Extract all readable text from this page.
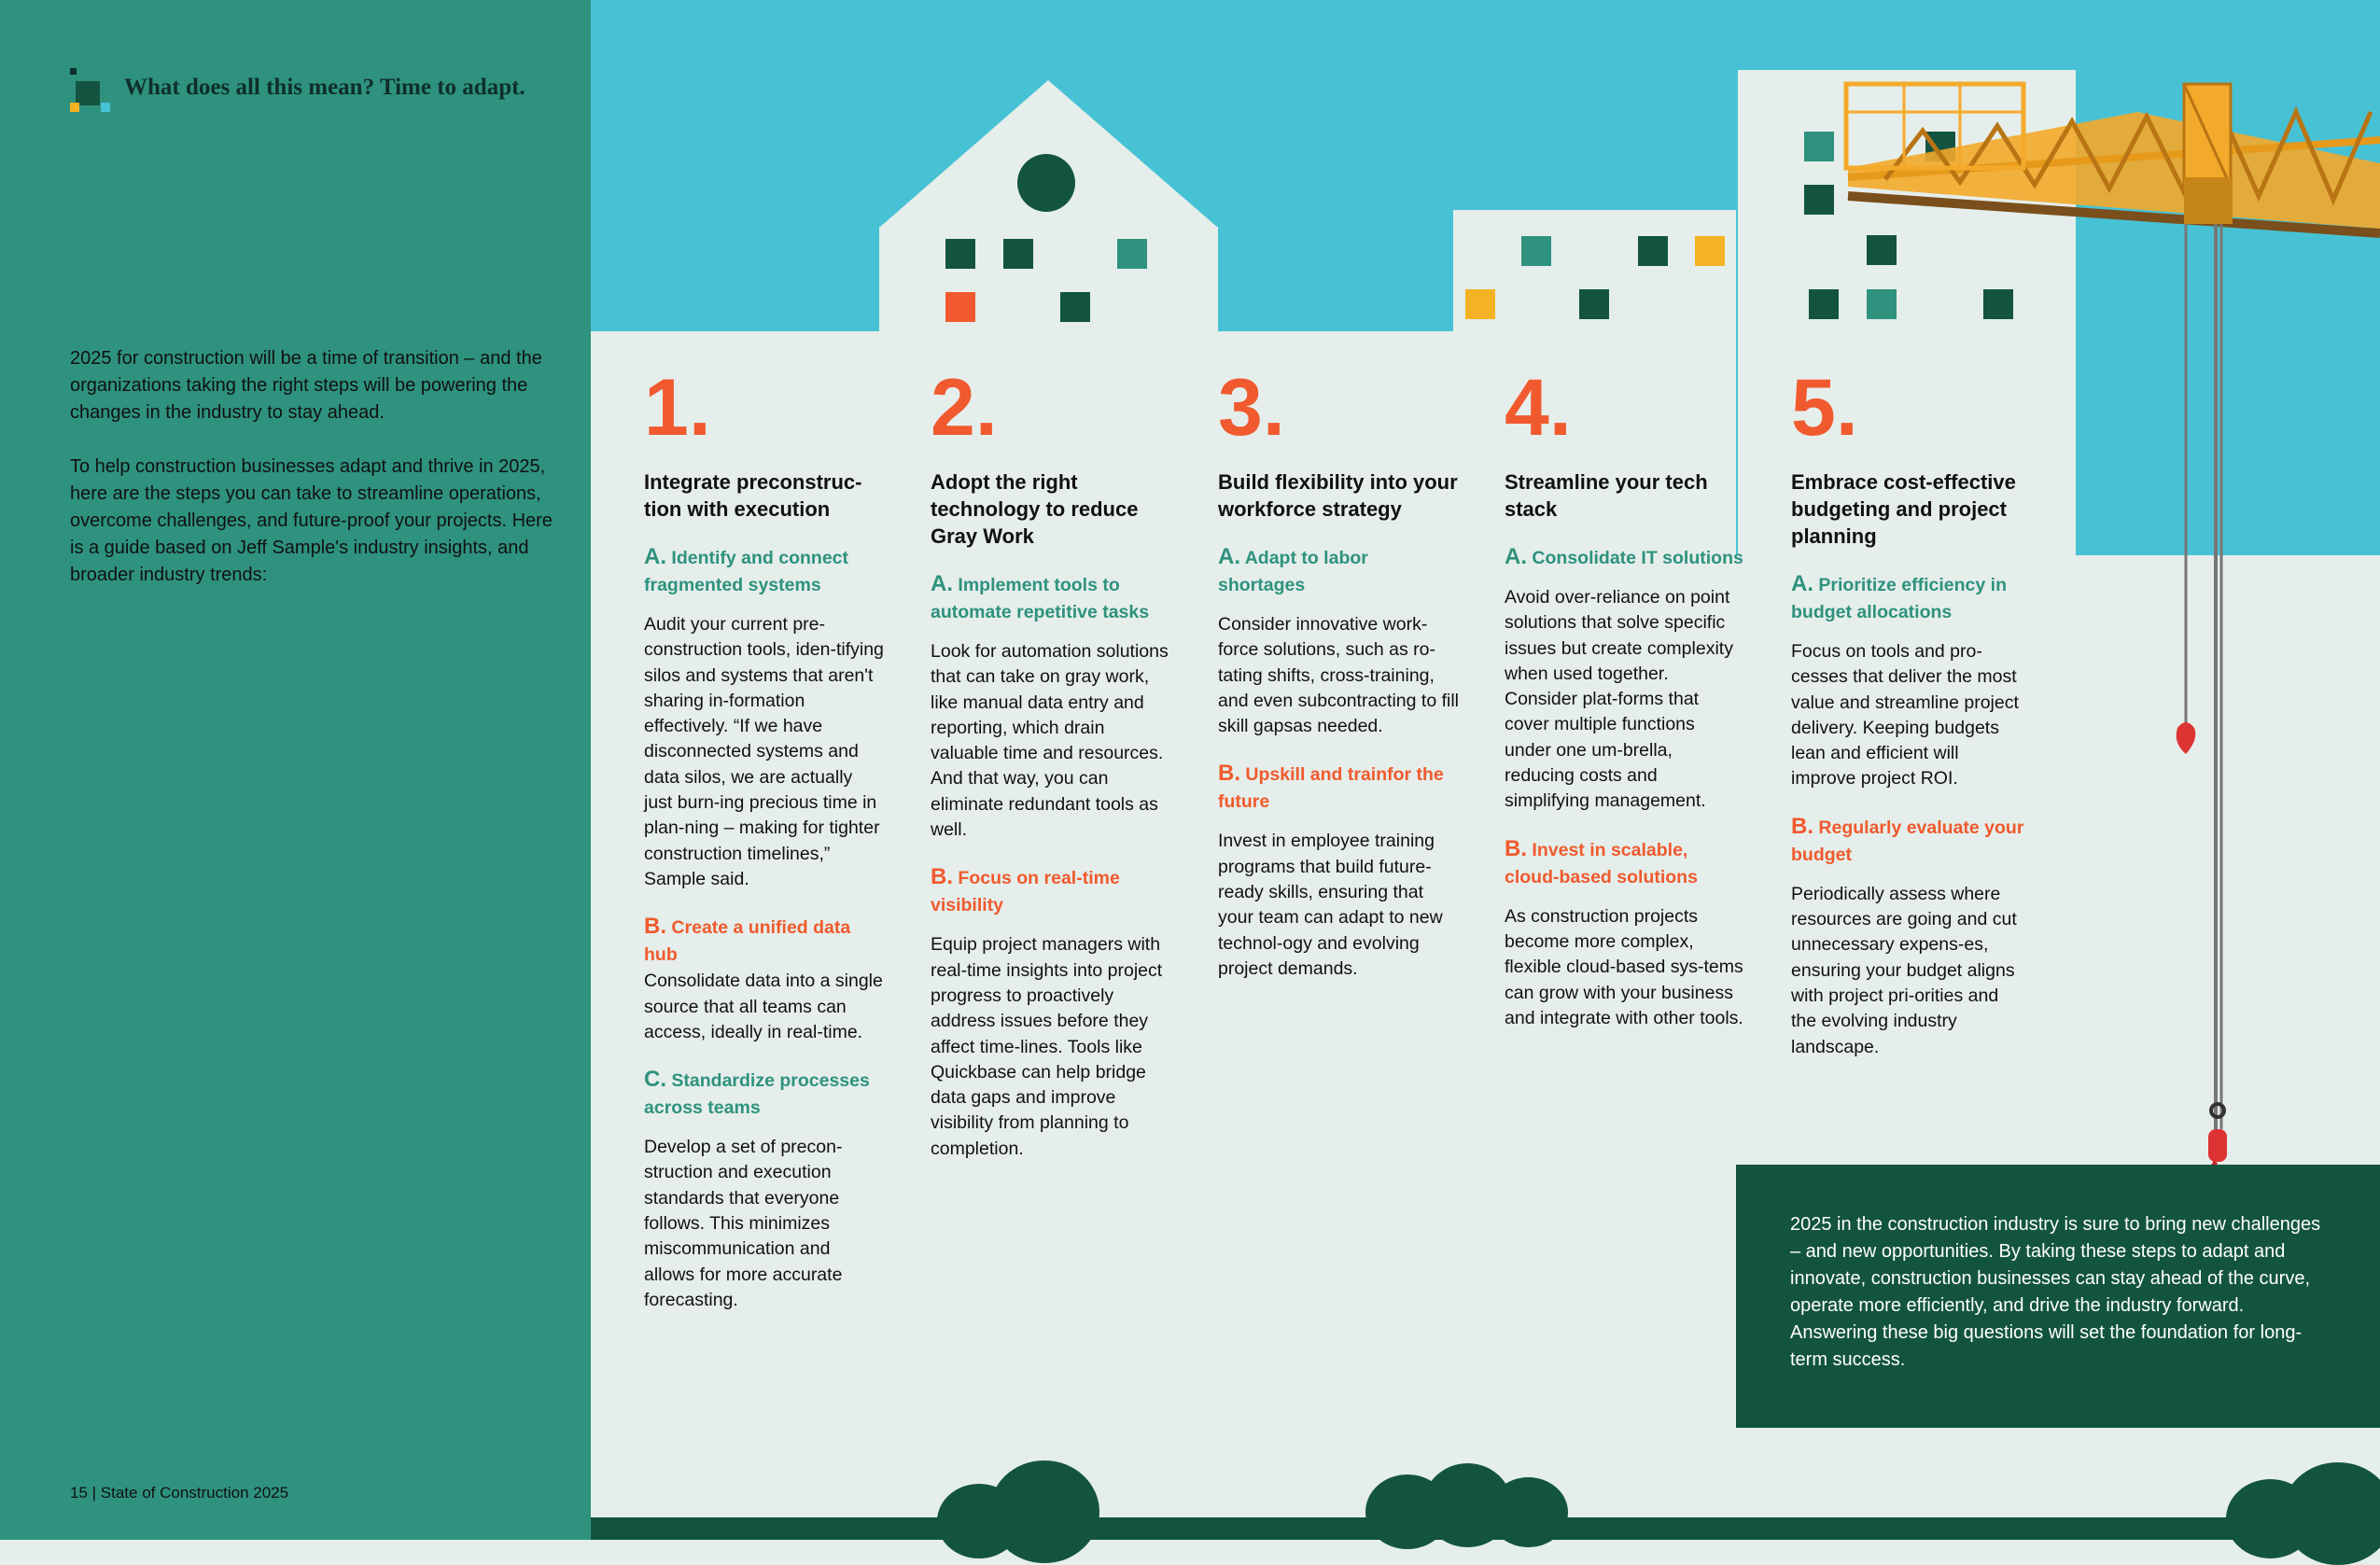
What does all this mean? Time to adapt.

2025 for construction will be a time of transition – and the organizations taking the right steps will be powering the changes in the industry to stay ahead.

To help construction businesses adapt and thrive in 2025, here are the steps you can take to streamline operations, overcome challenges, and future-proof your projects. Here is a guide based on Jeff Sample's industry insights, and broader industry trends:

1.

Integrate preconstruc-tion with execution

A. Identify and connect fragmented systems

Audit your current pre-construction tools, iden-tifying silos and systems that aren't sharing in-formation effectively. “If we have disconnected systems and data silos, we are actually just burn-ing precious time in plan-ning – making for tighter construction timelines,” Sample said.

B. Create a unified data hub

Consolidate data into a single source that all teams can access, ideally in real-time.

C. Standardize processes across teams

Develop a set of precon-struction and execution standards that everyone follows. This minimizes miscommunication and allows for more accurate forecasting.

2.

Adopt the right technology to reduce Gray Work

A. Implement tools to automate repetitive tasks

Look for automation solutions that can take on gray work, like manual data entry and reporting, which drain valuable time and resources. And that way, you can eliminate redundant tools as well.

B. Focus on real-time visibility

Equip project managers with real-time insights into project progress to proactively address issues before they affect time-lines. Tools like Quickbase can help bridge data gaps and improve visibility from planning to completion.

3.

Build flexibility into your workforce strategy

A. Adapt to labor shortages

Consider innovative work-force solutions, such as ro-tating shifts, cross-training, and even subcontracting to fill skill gapsas needed.

B. Upskill and trainfor the future

Invest in employee training programs that build future-ready skills, ensuring that your team can adapt to new technol-ogy and evolving project demands.

4.

Streamline your tech stack

A. Consolidate IT solutions

Avoid over-reliance on point solutions that solve specific issues but create complexity when used together. Consider plat-forms that cover multiple functions under one um-brella, reducing costs and simplifying management.

B. Invest in scalable, cloud-based solutions

As construction projects become more complex, flexible cloud-based sys-tems can grow with your business and integrate with other tools.

5.

Embrace cost-effective budgeting and project planning

A. Prioritize efficiency in budget allocations

Focus on tools and pro-cesses that deliver the most value and streamline project delivery. Keeping budgets lean and efficient will improve project ROI.

B. Regularly evaluate your budget

Periodically assess where resources are going and cut unnecessary expens-es, ensuring your budget aligns with project pri-orities and the evolving industry landscape.

2025 in the construction industry is sure to bring new challenges – and new opportunities. By taking these steps to adapt and innovate, construction businesses can stay ahead of the curve, operate more efficiently, and drive the industry forward. Answering these big questions will set the foundation for long-term success.

15 | State of Construction 2025
